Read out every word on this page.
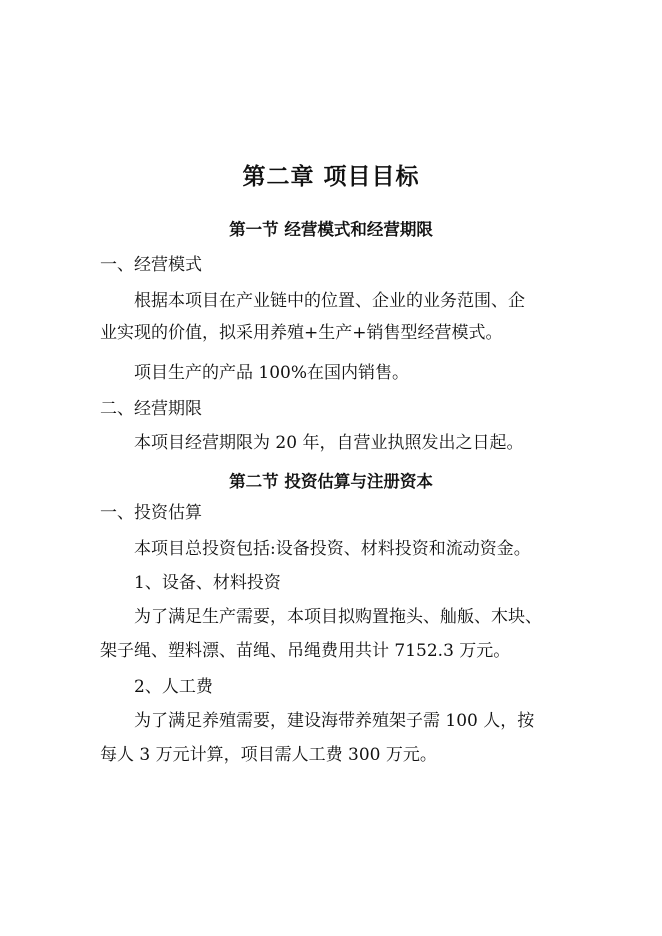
第二章 项目目标
第一节 经营模式和经营期限
一、经营模式
根据本项目在产业链中的位置、企业的业务范围、企
业实现的价值，拟采用养殖+生产+销售型经营模式。
项目生产的产品 100%在国内销售。
二、经营期限
本项目经营期限为 20 年，自营业执照发出之日起。
第二节 投资估算与注册资本
一、投资估算
本项目总投资包括:设备投资、材料投资和流动资金。
1、设备、材料投资
为了满足生产需要，本项目拟购置拖头、舢舨、木块、
架子绳、塑料漂、苗绳、吊绳费用共计 7152.3 万元。
2、人工费
为了满足养殖需要，建设海带养殖架子需 100 人，按
每人 3 万元计算，项目需人工费 300 万元。
